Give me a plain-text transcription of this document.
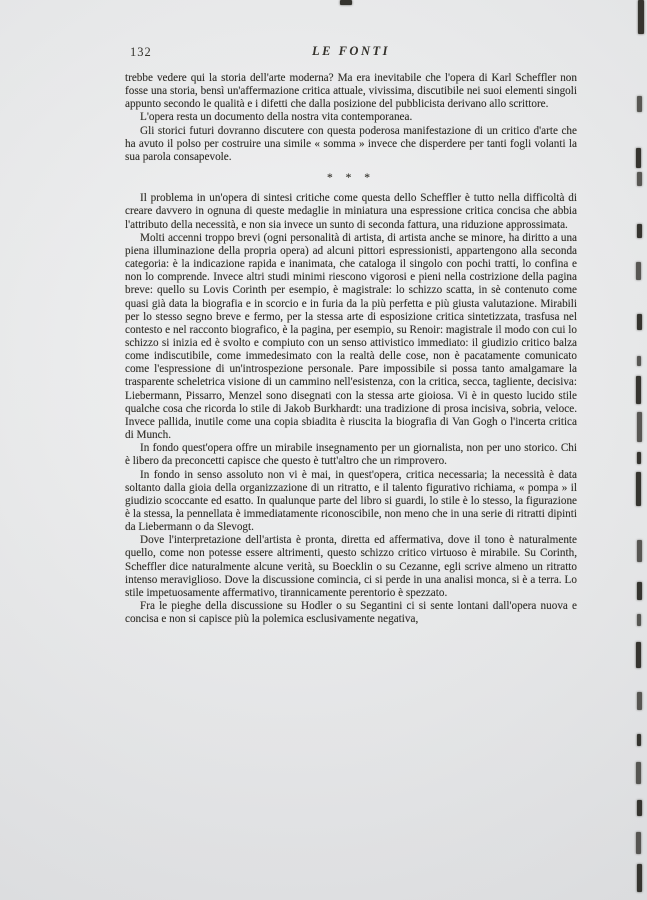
132	LE FONTI

trebbe vedere qui la storia dell'arte moderna? Ma era inevitabile che l'opera di Karl Scheffler non fosse una storia, bensì un'affermazione critica attuale, vivissima, discutibile nei suoi elementi singoli appunto secondo le qualità e i difetti che dalla posizione del pubblicista derivano allo scrittore.

L'opera resta un documento della nostra vita contemporanea.

Gli storici futuri dovranno discutere con questa poderosa manifestazione di un critico d'arte che ha avuto il polso per costruire una simile « somma » invece che disperdere per tanti fogli volanti la sua parola consapevole.

* * *

Il problema in un'opera di sintesi critiche come questa dello Scheffler è tutto nella difficoltà di creare davvero in ognuna di queste medaglie in miniatura una espressione critica concisa che abbia l'attributo della necessità, e non sia invece un sunto di seconda fattura, una riduzione approssimata.

Molti accenni troppo brevi (ogni personalità di artista, di artista anche se minore, ha diritto a una piena illuminazione della propria opera) ad alcuni pittori espressionisti, appartengono alla seconda categoria: è la indicazione rapida e inanimata, che cataloga il singolo con pochi tratti, lo confina e non lo comprende. Invece altri studi minimi riescono vigorosi e pieni nella costrizione della pagina breve: quello su Lovis Corinth per esempio, è magistrale: lo schizzo scatta, in sè contenuto come quasi già data la biografia e in scorcio e in furia da la più perfetta e più giusta valutazione. Mirabili per lo stesso segno breve e fermo, per la stessa arte di esposizione critica sintetizzata, trasfusa nel contesto e nel racconto biografico, è la pagina, per esempio, su Renoir: magistrale il modo con cui lo schizzo si inizia ed è svolto e compiuto con un senso attivistico immediato: il giudizio critico balza come indiscutibile, come immedesimato con la realtà delle cose, non è pacatamente comunicato come l'espressione di un'introspezione personale. Pare impossibile si possa tanto amalgamare la trasparente scheletrica visione di un cammino nell'esistenza, con la critica, secca, tagliente, decisiva: Liebermann, Pissarro, Menzel sono disegnati con la stessa arte gioiosa. Vi è in questo lucido stile qualche cosa che ricorda lo stile di Jakob Burkhardt: una tradizione di prosa incisiva, sobria, veloce. Invece pallida, inutile come una copia sbiadita è riuscita la biografia di Van Gogh o l'incerta critica di Munch.

In fondo quest'opera offre un mirabile insegnamento per un giornalista, non per uno storico. Chi è libero da preconcetti capisce che questo è tutt'altro che un rimprovero.

In fondo in senso assoluto non vi è mai, in quest'opera, critica necessaria; la necessità è data soltanto dalla gioia della organizzazione di un ritratto, e il talento figurativo richiama, « pompa » il giudizio scoccante ed esatto. In qualunque parte del libro si guardi, lo stile è lo stesso, la figurazione è la stessa, la pennellata è immediatamente riconoscibile, non meno che in una serie di ritratti dipinti da Liebermann o da Slevogt.

Dove l'interpretazione dell'artista è pronta, diretta ed affermativa, dove il tono è naturalmente quello, come non potesse essere altrimenti, questo schizzo critico virtuoso è mirabile. Su Corinth, Scheffler dice naturalmente alcune verità, su Boecklin o su Cezanne, egli scrive almeno un ritratto intenso meraviglioso. Dove la discussione comincia, ci si perde in una analisi monca, si è a terra. Lo stile impetuosamente affermativo, tirannicamente perentorio è spezzato.

Fra le pieghe della discussione su Hodler o su Segantini ci si sente lontani dall'opera nuova e concisa e non si capisce più la polemica esclusivamente negativa,
